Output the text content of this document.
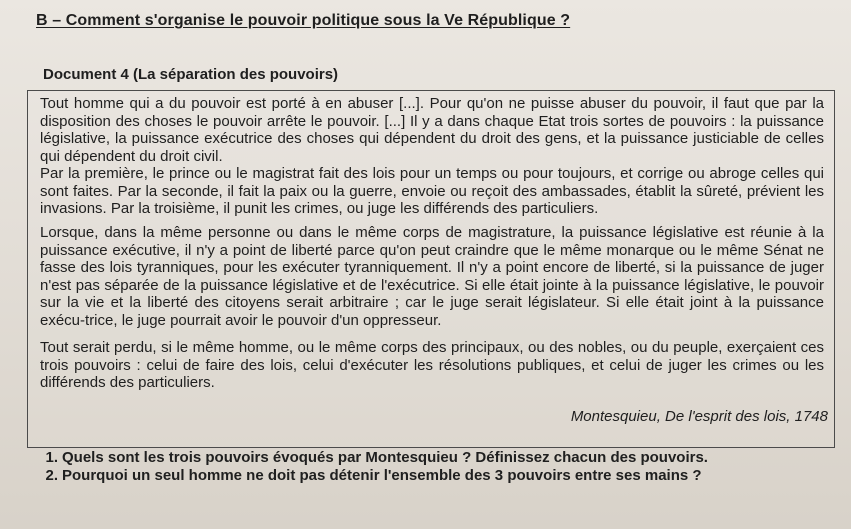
B – Comment s'organise le pouvoir politique sous la Ve République ?
Document 4 (La séparation des pouvoirs)

Tout homme qui a du pouvoir est porté à en abuser [...]. Pour qu'on ne puisse abuser du pouvoir, il faut que par la disposition des choses le pouvoir arrête le pouvoir. [...] Il y a dans chaque Etat trois sortes de pouvoirs : la puissance législative, la puissance exécutrice des choses qui dépendent du droit des gens, et la puissance justiciable de celles qui dépendent du droit civil.

Par la première, le prince ou le magistrat fait des lois pour un temps ou pour toujours, et corrige ou abroge celles qui sont faites. Par la seconde, il fait la paix ou la guerre, envoie ou reçoit des ambassades, établit la sûreté, prévient les invasions. Par la troisième, il punit les crimes, ou juge les différends des particuliers.

Lorsque, dans la même personne ou dans le même corps de magistrature, la puissance législative est réunie à la puissance exécutive, il n'y a point de liberté parce qu'on peut craindre que le même monarque ou le même Sénat ne fasse des lois tyranniques, pour les exécuter tyranniquement. Il n'y a point encore de liberté, si la puissance de juger n'est pas séparée de la puissance législative et de l'exécutrice. Si elle était jointe à la puissance législative, le pouvoir sur la vie et la liberté des citoyens serait arbitraire ; car le juge serait législateur. Si elle était joint à la puissance exécu-trice, le juge pourrait avoir le pouvoir d'un oppresseur.

Tout serait perdu, si le même homme, ou le même corps des principaux, ou des nobles, ou du peuple, exerçaient ces trois pouvoirs : celui de faire des lois, celui d'exécuter les résolutions publiques, et celui de juger les crimes ou les différends des particuliers.

Montesquieu, De l'esprit des lois, 1748

1. Quels sont les trois pouvoirs évoqués par Montesquieu ? Définissez chacun des pouvoirs.
2. Pourquoi un seul homme ne doit pas détenir l'ensemble des 3 pouvoirs entre ses mains ?
